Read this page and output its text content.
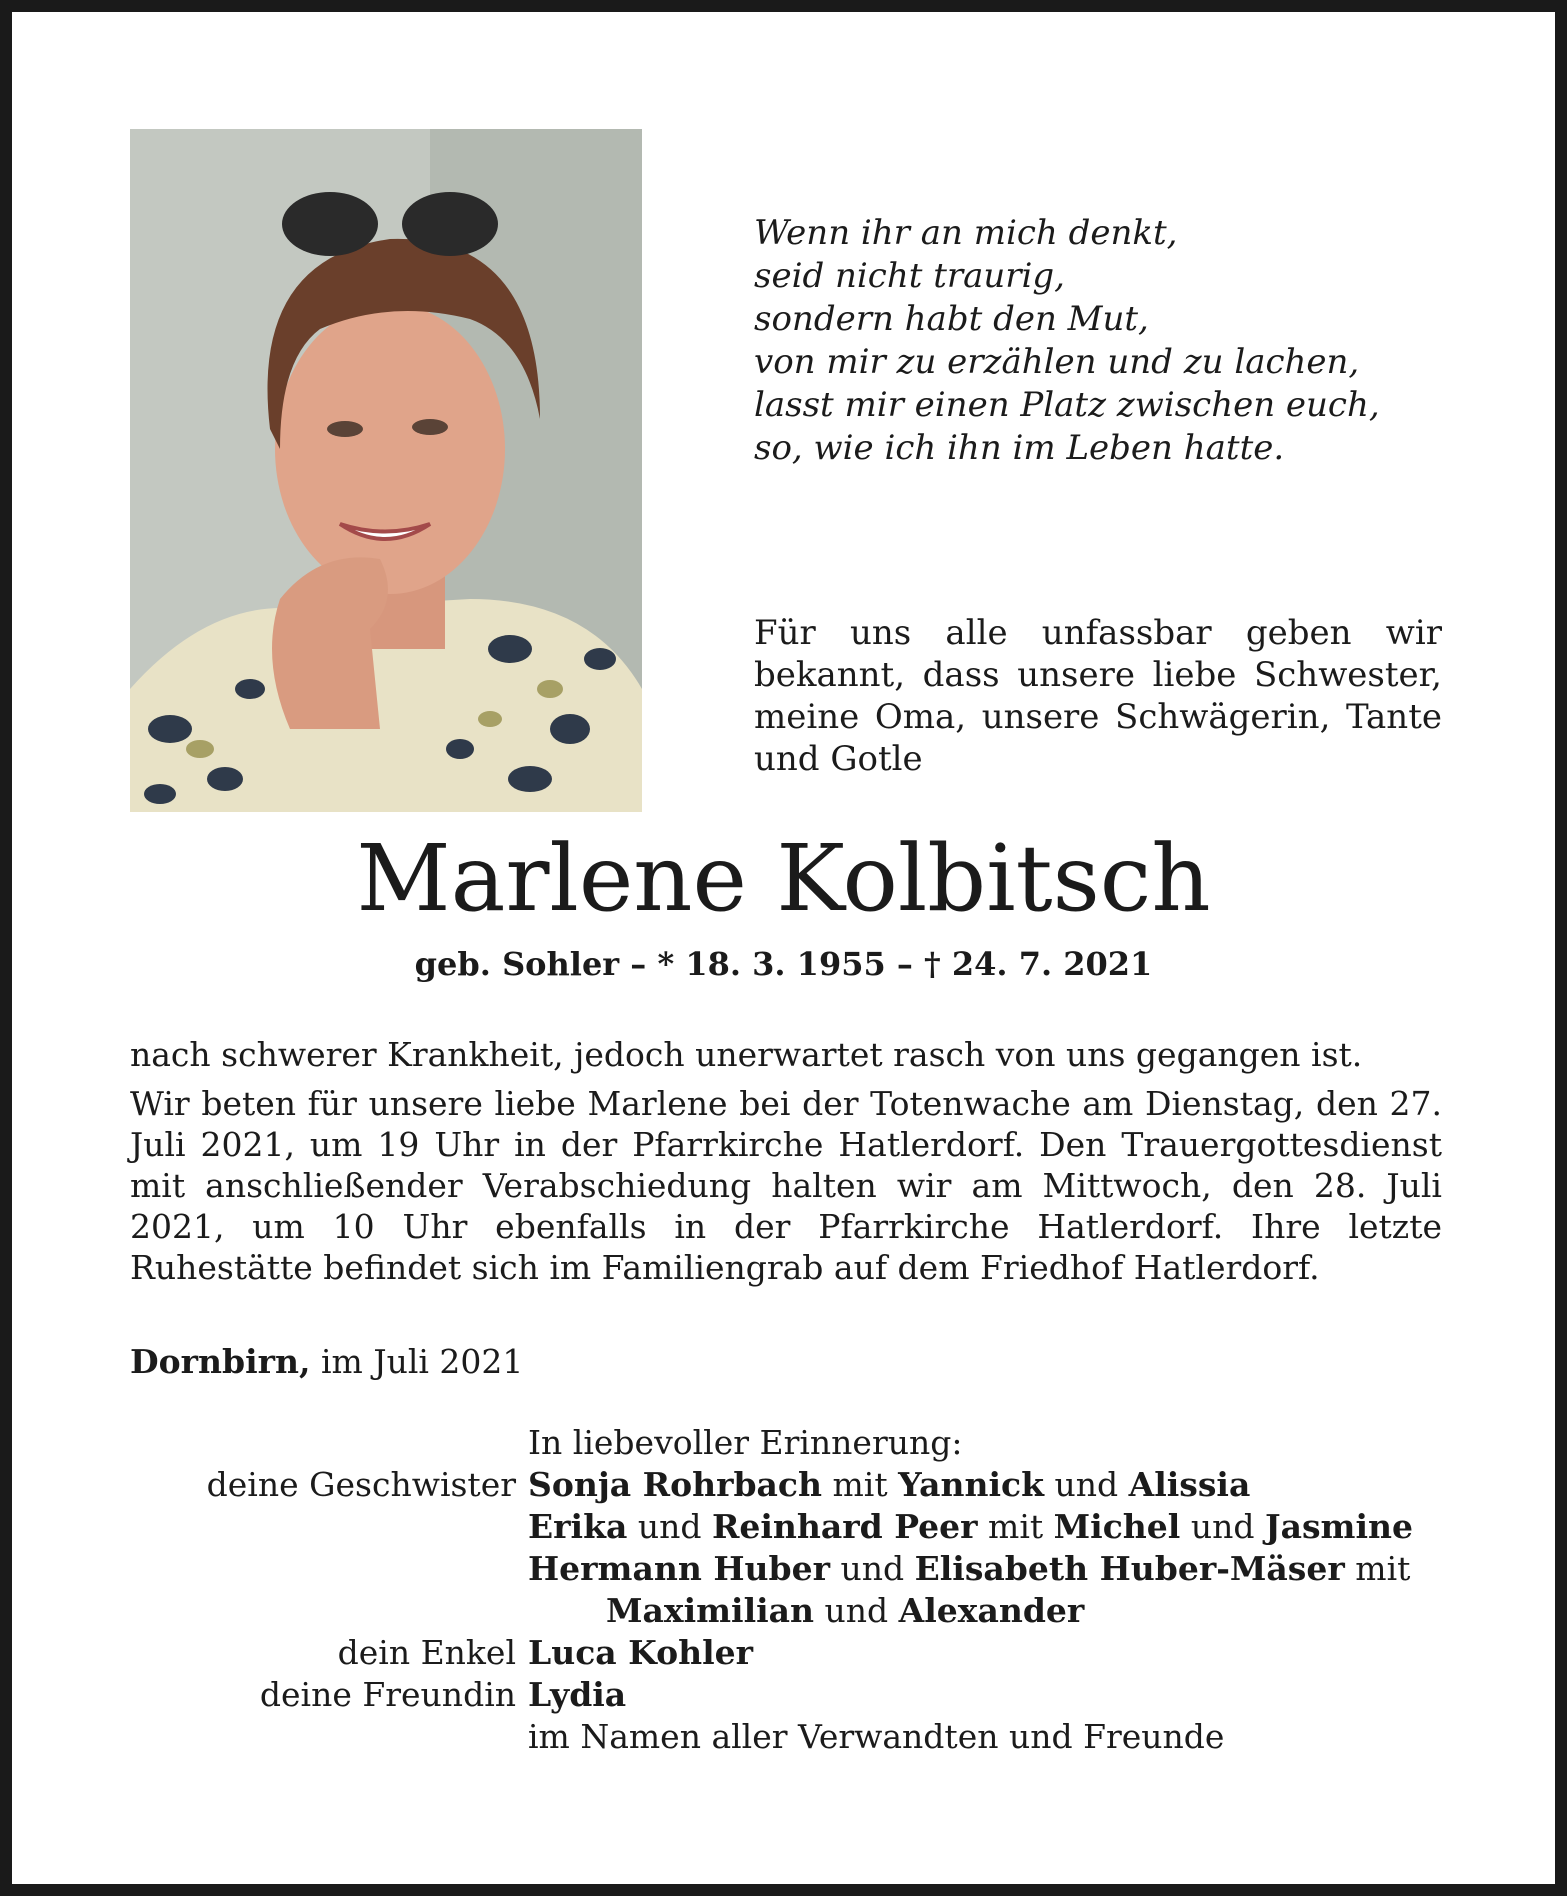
Wenn ihr an mich denkt,
seid nicht traurig,
sondern habt den Mut,
von mir zu erzählen und zu lachen,
lasst mir einen Platz zwischen euch,
so, wie ich ihn im Leben hatte.

Für uns alle unfassbar geben wir bekannt, dass unsere liebe Schwester, meine Oma, unsere Schwägerin, Tante und Gotle

Marlene Kolbitsch
geb. Sohler – * 18. 3. 1955 – † 24. 7. 2021

nach schwerer Krankheit, jedoch unerwartet rasch von uns gegangen ist.

Wir beten für unsere liebe Marlene bei der Totenwache am Dienstag, den 27. Juli 2021, um 19 Uhr in der Pfarrkirche Hatlerdorf. Den Trauergottesdienst mit anschließender Verabschiedung halten wir am Mittwoch, den 28. Juli 2021, um 10 Uhr ebenfalls in der Pfarrkirche Hatlerdorf. Ihre letzte Ruhestätte befindet sich im Familiengrab auf dem Friedhof Hatlerdorf.

Dornbirn, im Juli 2021
In liebevoller Erinnerung:
deine Geschwister Sonja Rohrbach mit Yannick und Alissia
Erika und Reinhard Peer mit Michel und Jasmine
Hermann Huber und Elisabeth Huber-Mäser mit
Maximilian und Alexander
dein Enkel Luca Kohler
deine Freundin Lydia
im Namen aller Verwandten und Freunde
